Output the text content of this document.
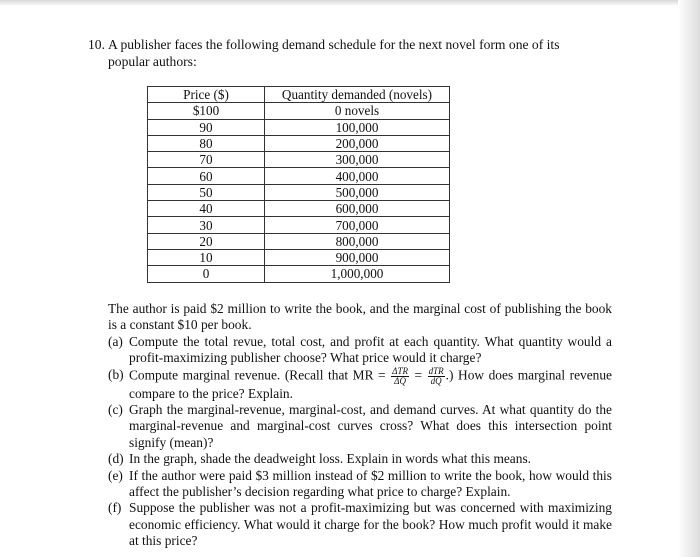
10. A publisher faces the following demand schedule for the next novel form one of its
popular authors:
Price ($)	Quantity demanded (novels)
$100	0 novels
90	100,000
80	200,000
70	300,000
60	400,000
50	500,000
40	600,000
30	700,000
20	800,000
10	900,000
0	1,000,000
The author is paid $2 million to write the book, and the marginal cost of publishing the book is a constant $10 per book.
(a) Compute the total revue, total cost, and profit at each quantity. What quantity would a profit-maximizing publisher choose? What price would it charge?
(b) Compute marginal revenue. (Recall that MR = $\frac{\text{ΔTR}}{\Delta Q} = \frac{\text{dTR}}{dQ}$ .) How does marginal revenue compare to the price? Explain.
(c) Graph the marginal-revenue, marginal-cost, and demand curves. At what quantity do the marginal-revenue and marginal-cost curves cross? What does this intersection point signify (mean)?
(d) In the graph, shade the deadweight loss. Explain in words what this means.
(e) If the author were paid $3 million instead of $2 million to write the book, how would this affect the publisher’s decision regarding what price to charge? Explain.
(f) Suppose the publisher was not a profit-maximizing but was concerned with maximizing economic efficiency. What would it charge for the book? How much profit would it make at this price?
